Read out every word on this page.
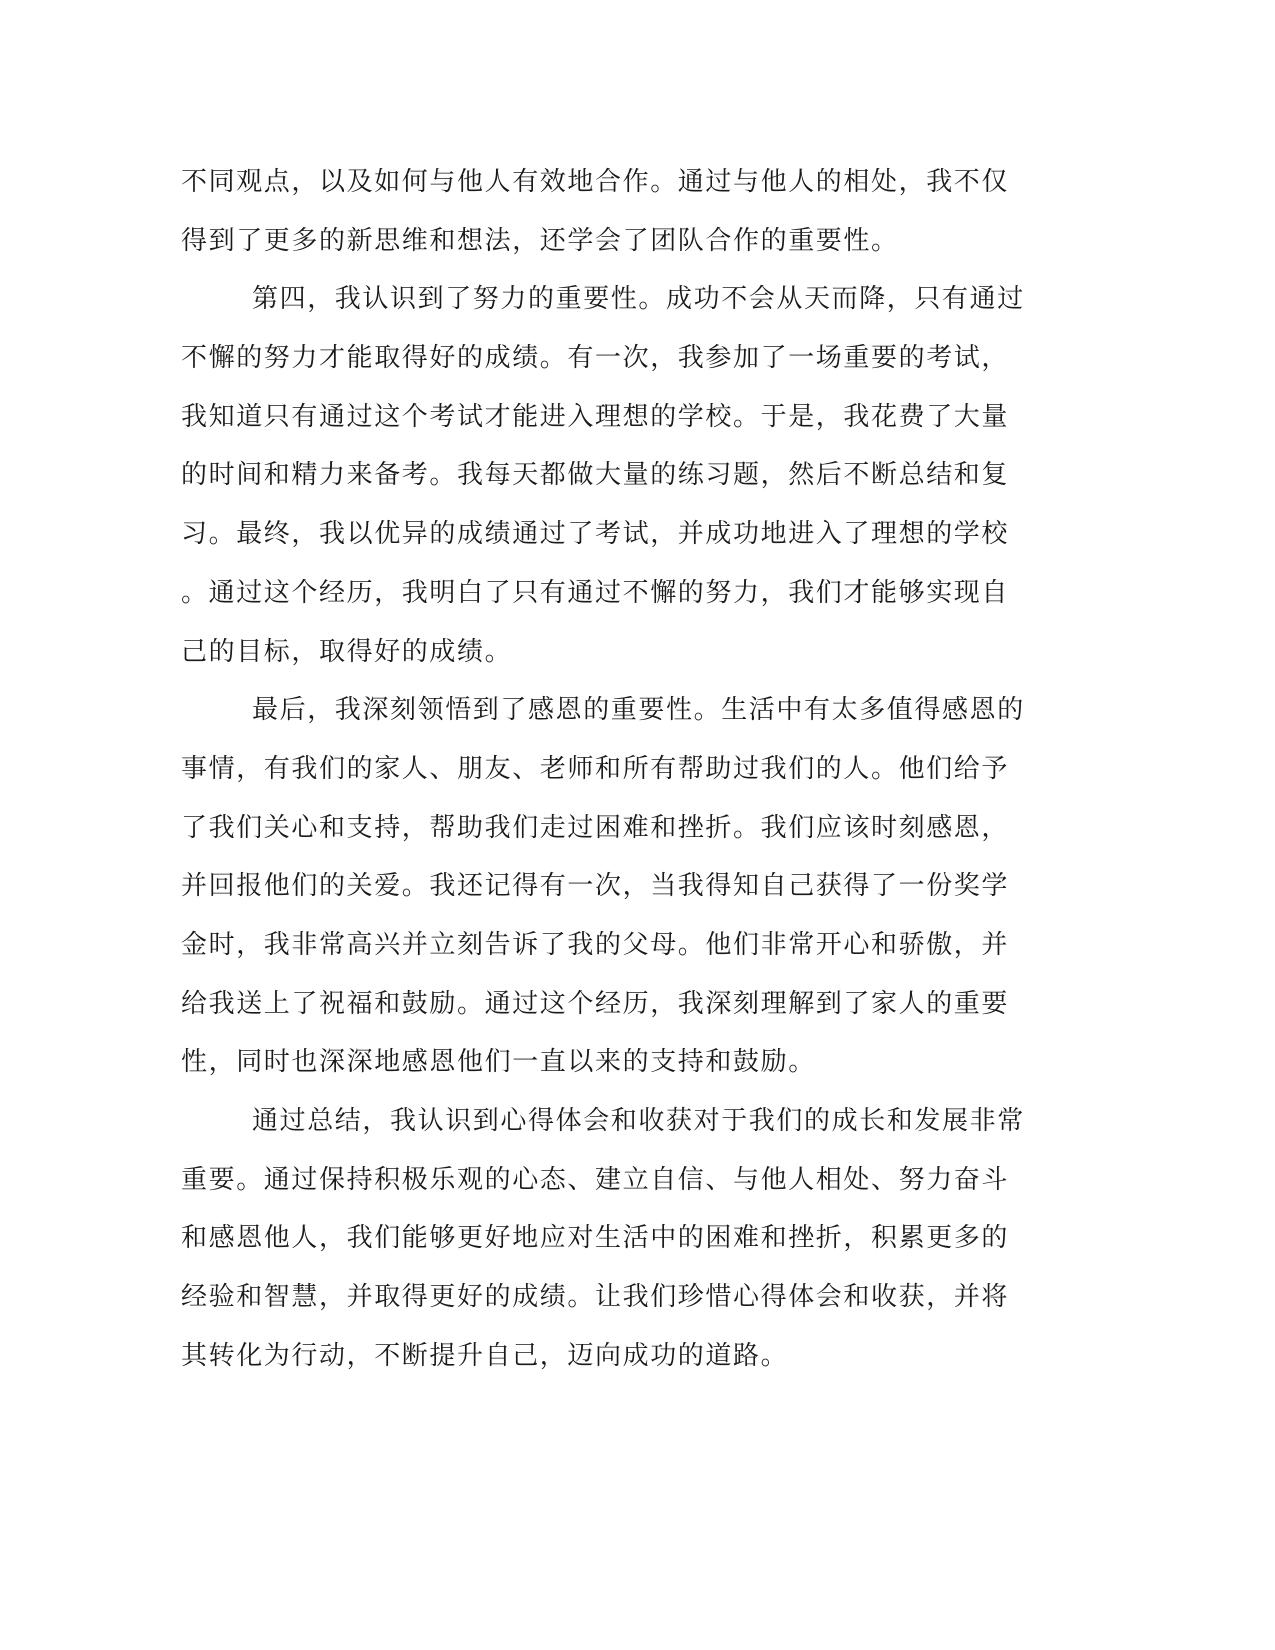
不同观点，以及如何与他人有效地合作。通过与他人的相处，我不仅
得到了更多的新思维和想法，还学会了团队合作的重要性。
第四，我认识到了努力的重要性。成功不会从天而降，只有通过
不懈的努力才能取得好的成绩。有一次，我参加了一场重要的考试，
我知道只有通过这个考试才能进入理想的学校。于是，我花费了大量
的时间和精力来备考。我每天都做大量的练习题，然后不断总结和复
习。最终，我以优异的成绩通过了考试，并成功地进入了理想的学校
。通过这个经历，我明白了只有通过不懈的努力，我们才能够实现自
己的目标，取得好的成绩。
最后，我深刻领悟到了感恩的重要性。生活中有太多值得感恩的
事情，有我们的家人、朋友、老师和所有帮助过我们的人。他们给予
了我们关心和支持，帮助我们走过困难和挫折。我们应该时刻感恩，
并回报他们的关爱。我还记得有一次，当我得知自己获得了一份奖学
金时，我非常高兴并立刻告诉了我的父母。他们非常开心和骄傲，并
给我送上了祝福和鼓励。通过这个经历，我深刻理解到了家人的重要
性，同时也深深地感恩他们一直以来的支持和鼓励。
通过总结，我认识到心得体会和收获对于我们的成长和发展非常
重要。通过保持积极乐观的心态、建立自信、与他人相处、努力奋斗
和感恩他人，我们能够更好地应对生活中的困难和挫折，积累更多的
经验和智慧，并取得更好的成绩。让我们珍惜心得体会和收获，并将
其转化为行动，不断提升自己，迈向成功的道路。
